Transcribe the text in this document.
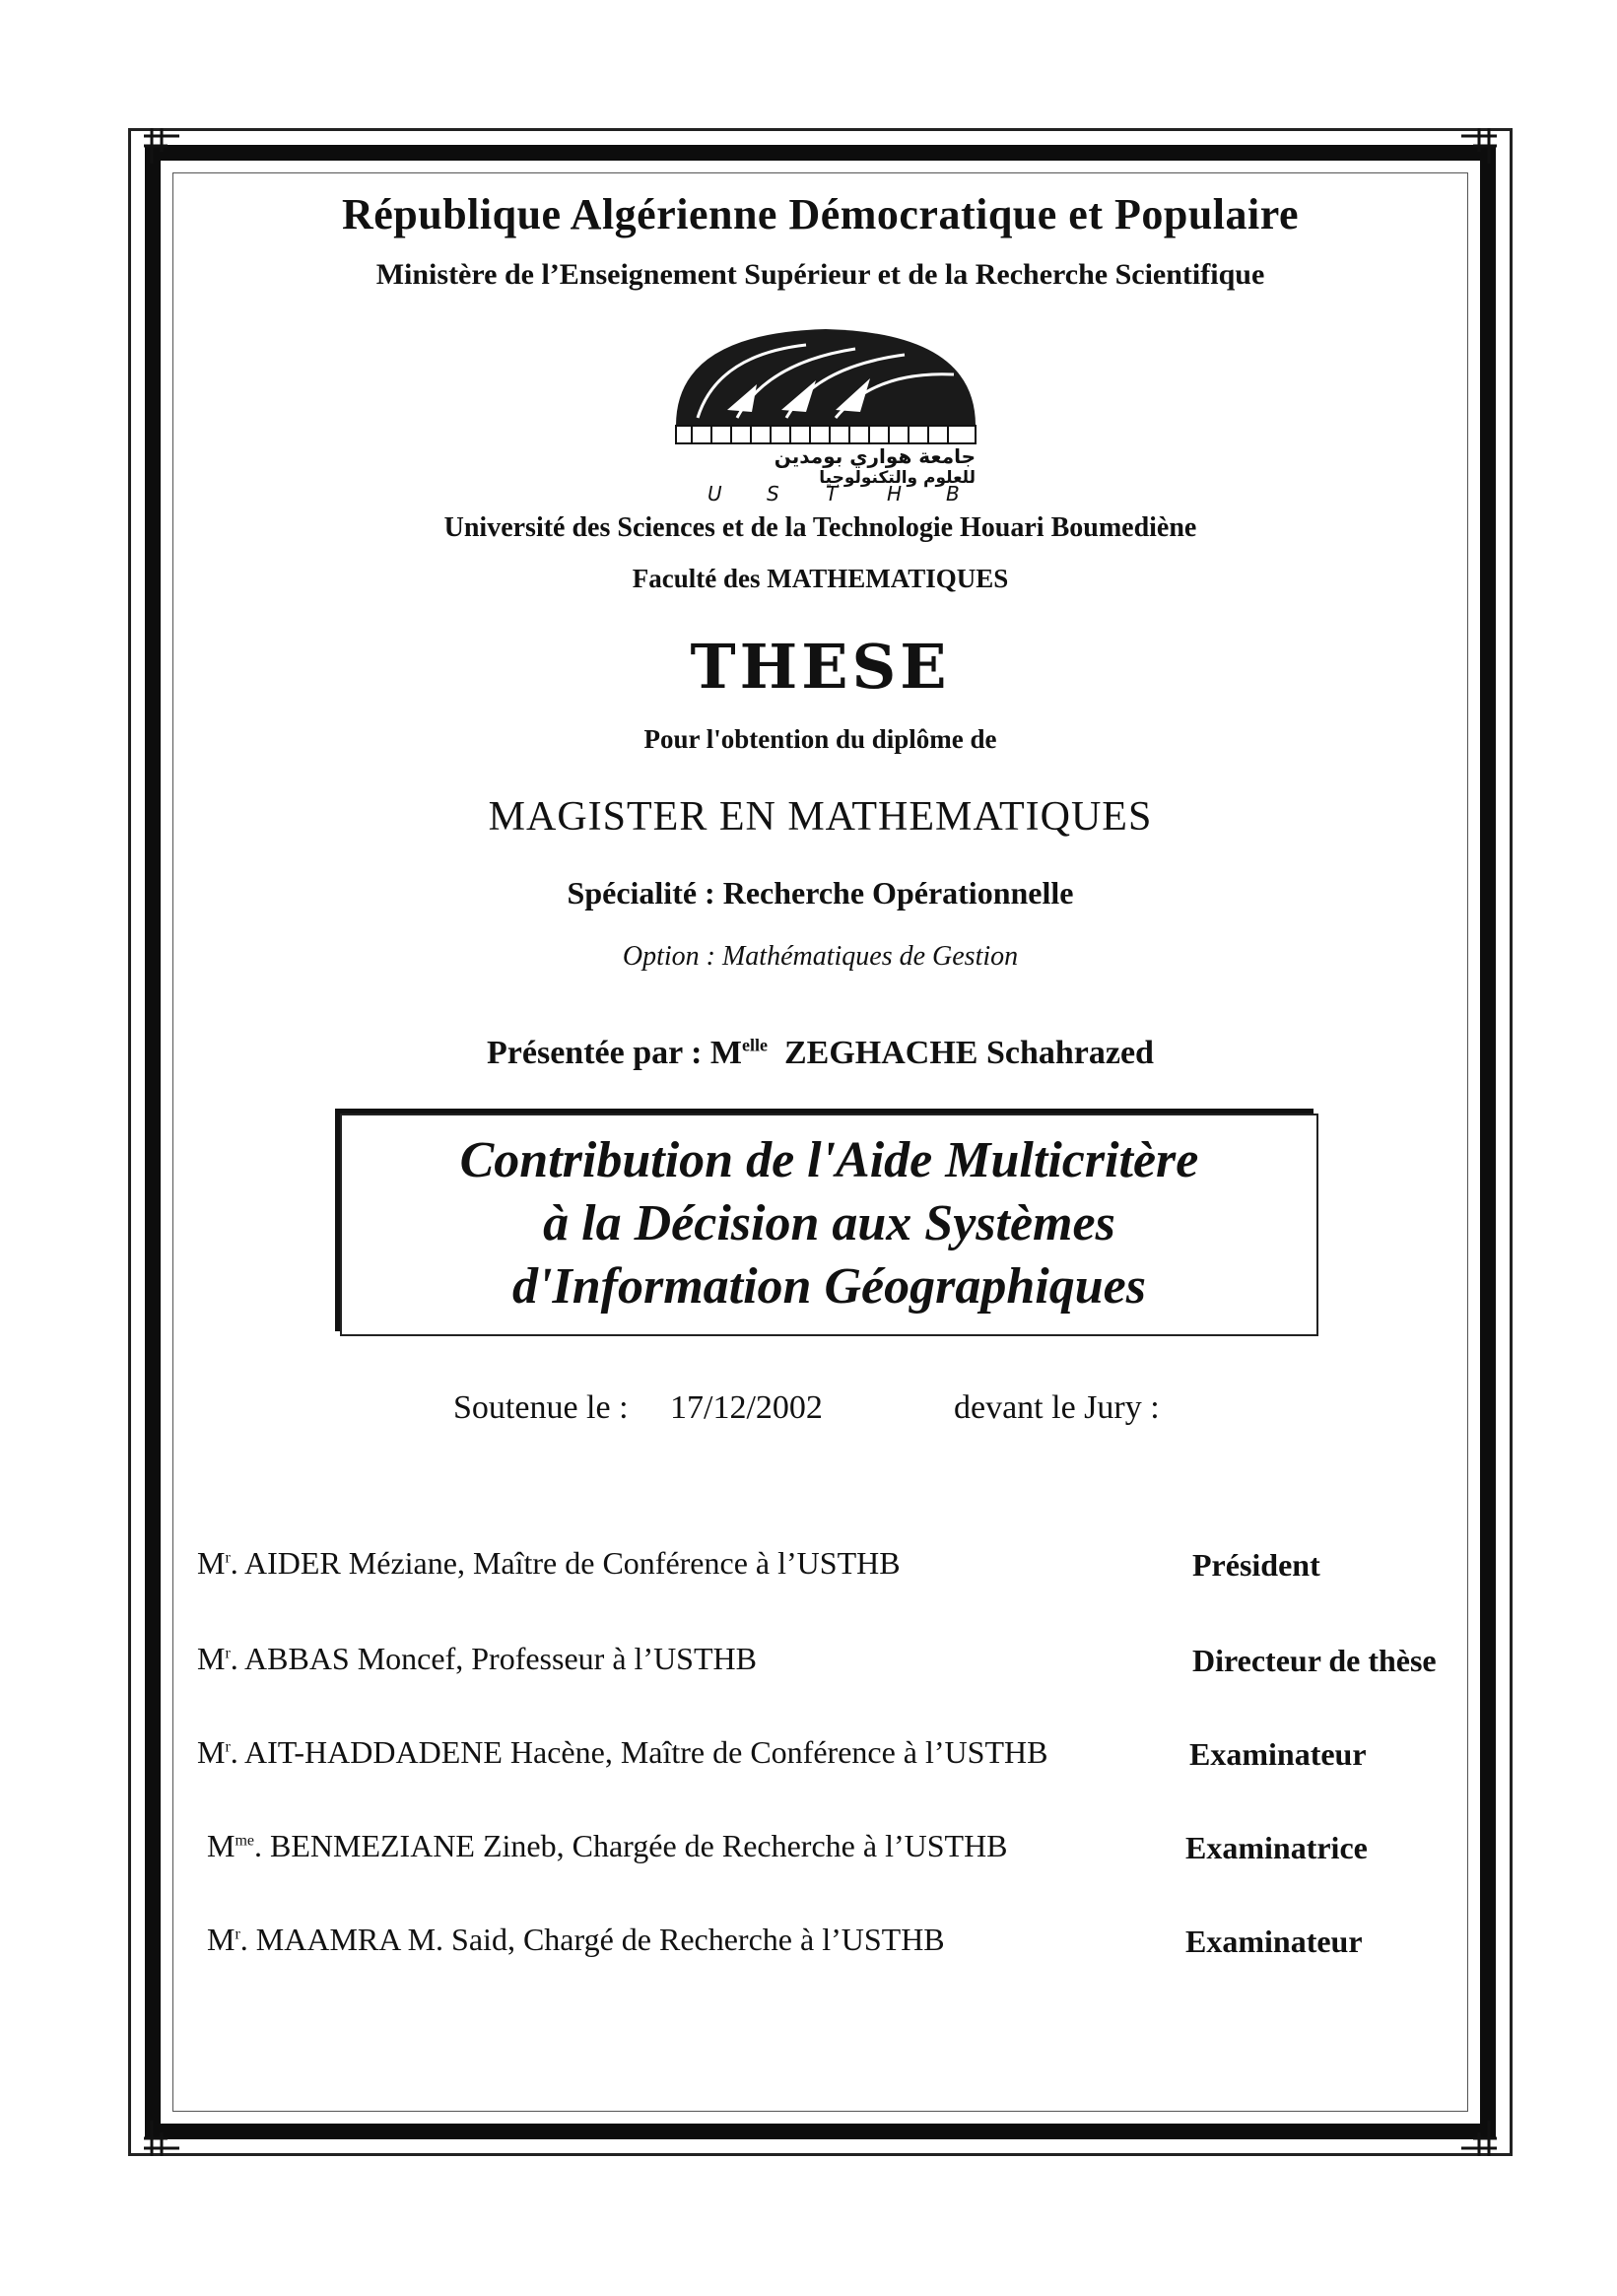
République Algérienne Démocratique et Populaire
Ministère de l’Enseignement Supérieur et de la Recherche Scientifique
جامعة هواري بومدين
للعلوم والتكنولوجيا
U S T H B
Université des Sciences et de la Technologie Houari Boumediène
Faculté des MATHEMATIQUES
THESE
Pour l'obtention du diplôme de
MAGISTER EN MATHEMATIQUES
Spécialité : Recherche Opérationnelle
Option : Mathématiques de Gestion
Présentée par : $M^{elle}$ ZEGHACHE Schahrazed
Contribution de l'Aide Multicritère
à la Décision aux Systèmes
d'Information Géographiques
Soutenue le : 17/12/2002	devant le Jury :
$M^r$. AIDER Méziane, Maître de Conférence à l’USTHB	Président
$M^r$. ABBAS Moncef, Professeur à l’USTHB	Directeur de thèse
$M^r$. AIT-HADDADENE Hacène, Maître de Conférence à l’USTHB	Examinateur
$M^{me}$. BENMEZIANE Zineb, Chargée de Recherche à l’USTHB	Examinatrice
$M^r$. MAAMRA M. Said, Chargé de Recherche à l’USTHB	Examinateur
